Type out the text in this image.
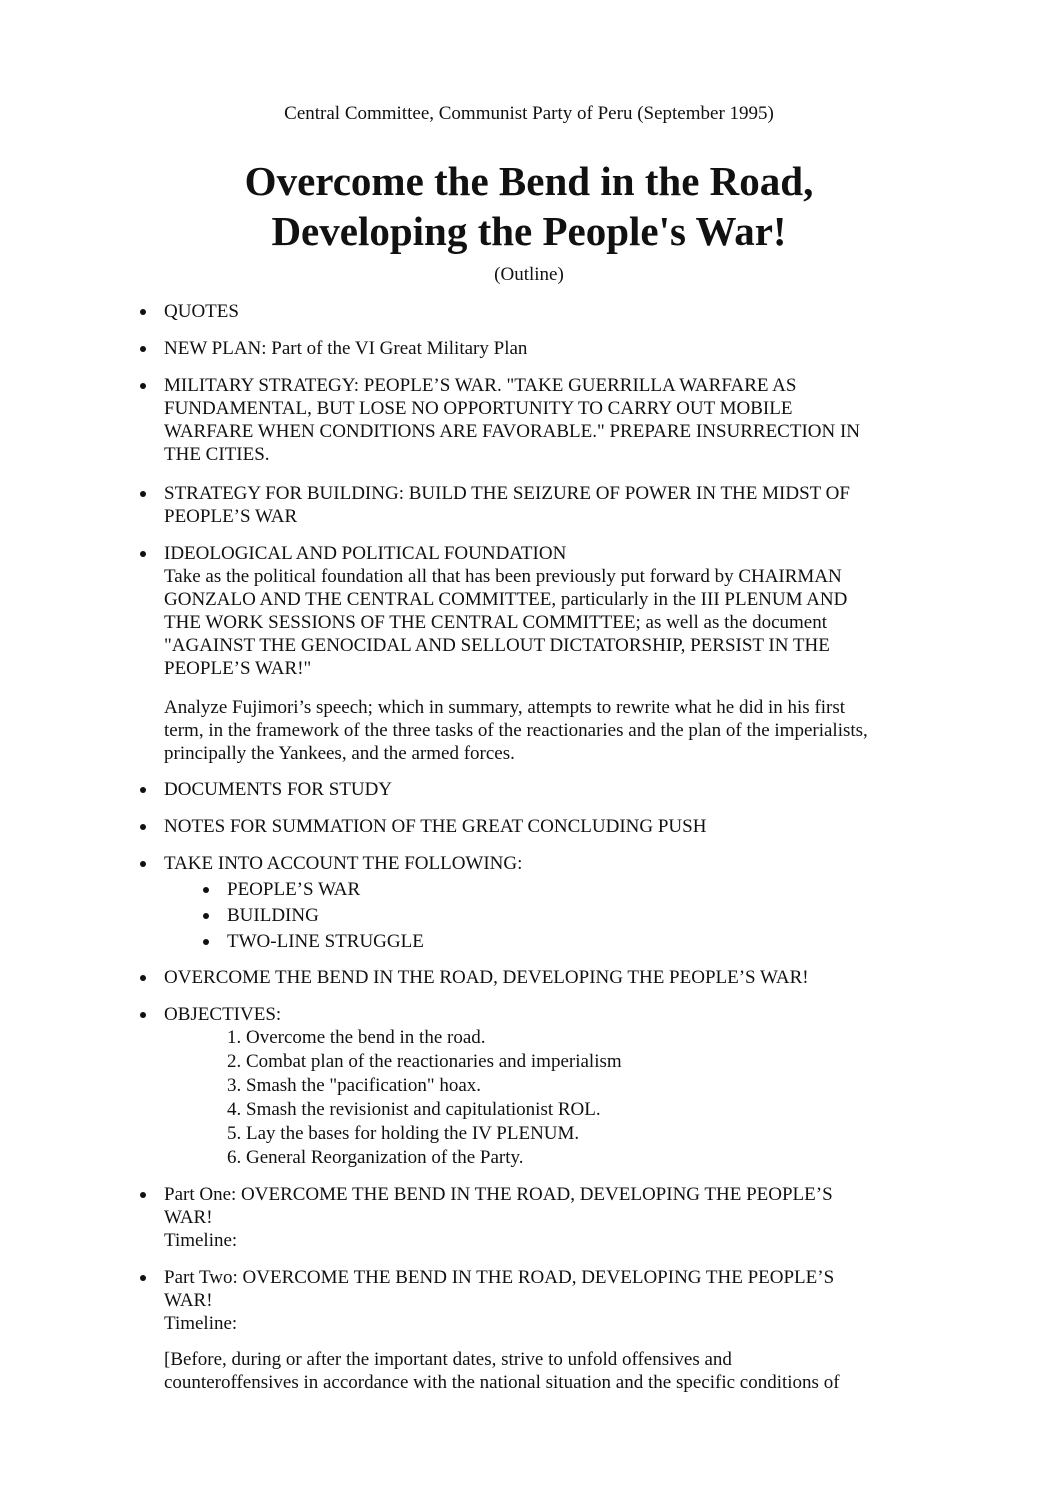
Central Committee, Communist Party of Peru (September 1995)
Overcome the Bend in the Road,
Developing the People's War!
(Outline)
QUOTES
NEW PLAN: Part of the VI Great Military Plan
MILITARY STRATEGY: PEOPLE’S WAR. "TAKE GUERRILLA WARFARE AS
FUNDAMENTAL, BUT LOSE NO OPPORTUNITY TO CARRY OUT MOBILE
WARFARE WHEN CONDITIONS ARE FAVORABLE." PREPARE INSURRECTION IN
THE CITIES.
STRATEGY FOR BUILDING: BUILD THE SEIZURE OF POWER IN THE MIDST OF
PEOPLE’S WAR
IDEOLOGICAL AND POLITICAL FOUNDATION
Take as the political foundation all that has been previously put forward by CHAIRMAN
GONZALO AND THE CENTRAL COMMITTEE, particularly in the III PLENUM AND
THE WORK SESSIONS OF THE CENTRAL COMMITTEE; as well as the document
"AGAINST THE GENOCIDAL AND SELLOUT DICTATORSHIP, PERSIST IN THE
PEOPLE’S WAR!"
Analyze Fujimori’s speech; which in summary, attempts to rewrite what he did in his first
term, in the framework of the three tasks of the reactionaries and the plan of the imperialists,
principally the Yankees, and the armed forces.
DOCUMENTS FOR STUDY
NOTES FOR SUMMATION OF THE GREAT CONCLUDING PUSH
TAKE INTO ACCOUNT THE FOLLOWING:
PEOPLE’S WAR
BUILDING
TWO-LINE STRUGGLE
OVERCOME THE BEND IN THE ROAD, DEVELOPING THE PEOPLE’S WAR!
OBJECTIVES:
1. Overcome the bend in the road.
2. Combat plan of the reactionaries and imperialism
3. Smash the "pacification" hoax.
4. Smash the revisionist and capitulationist ROL.
5. Lay the bases for holding the IV PLENUM.
6. General Reorganization of the Party.
Part One: OVERCOME THE BEND IN THE ROAD, DEVELOPING THE PEOPLE’S
WAR!
Timeline:
Part Two: OVERCOME THE BEND IN THE ROAD, DEVELOPING THE PEOPLE’S
WAR!
Timeline:
[Before, during or after the important dates, strive to unfold offensives and
counteroffensives in accordance with the national situation and the specific conditions of
